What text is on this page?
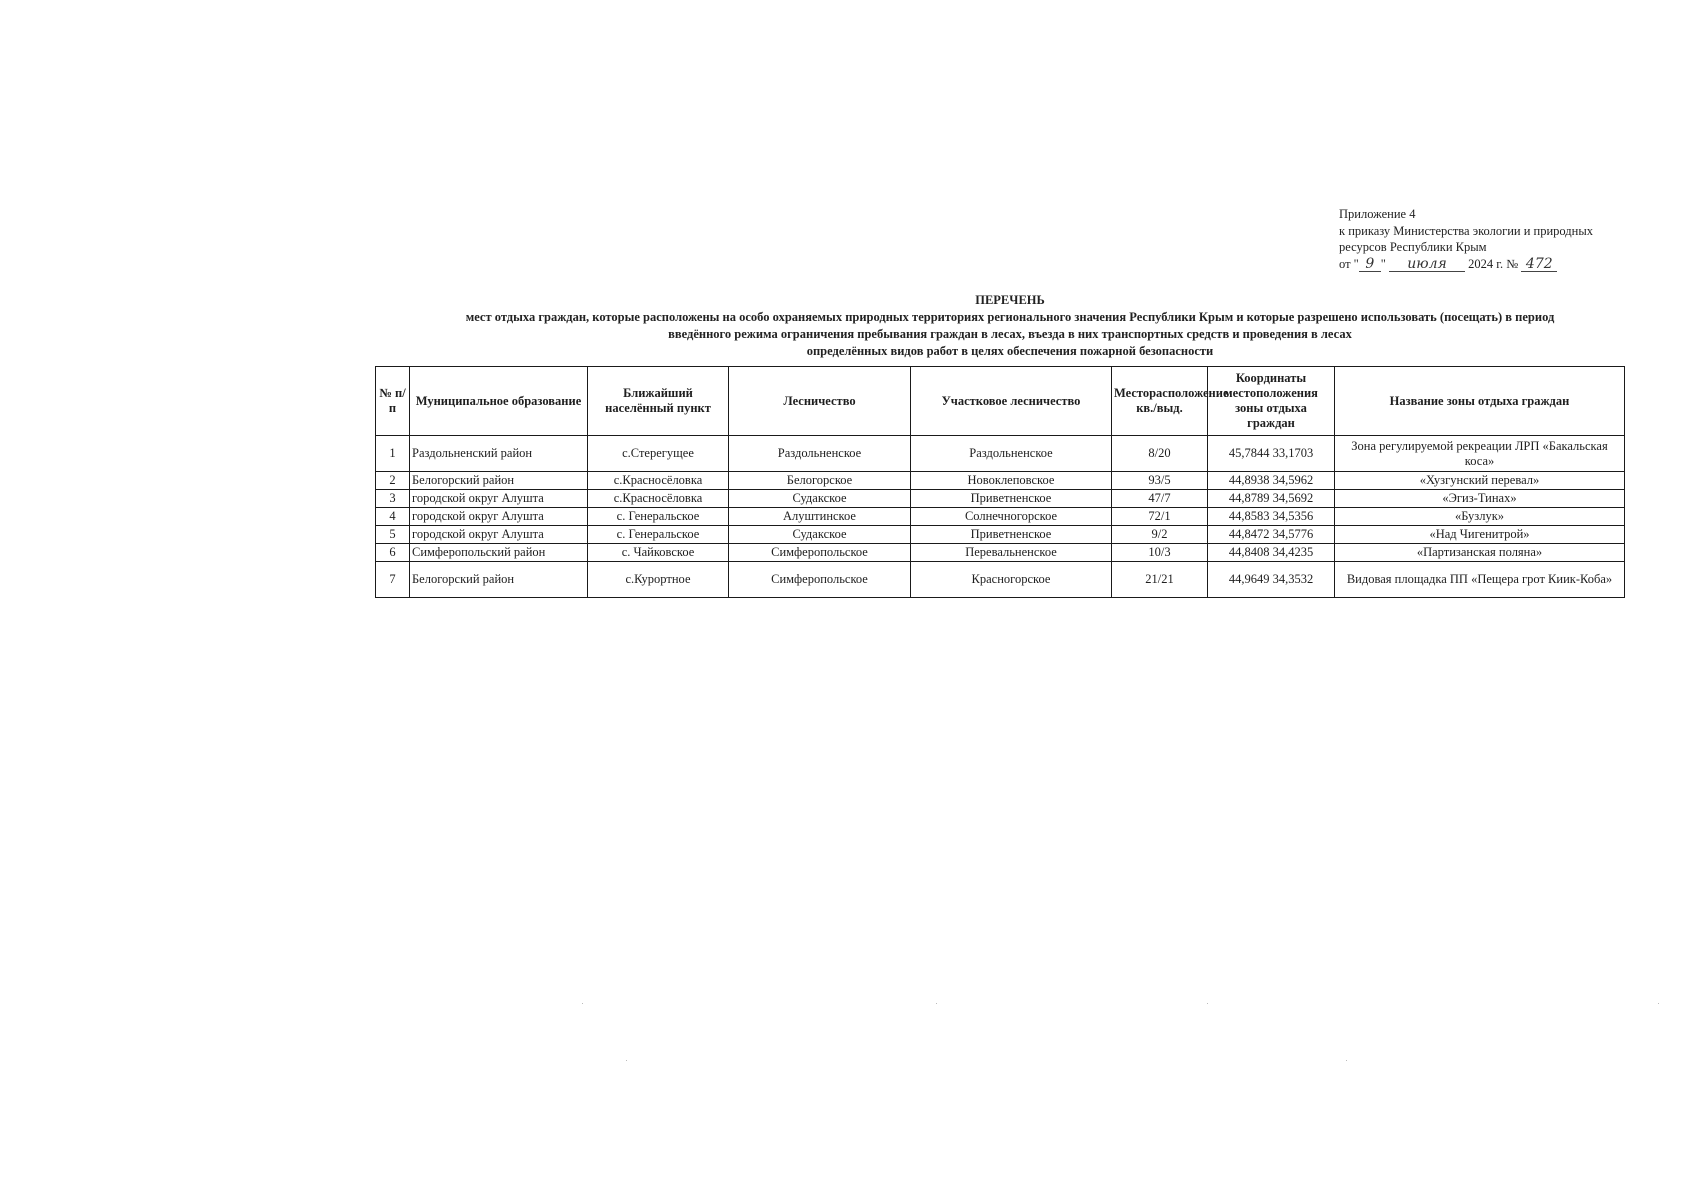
Приложение 4
к приказу Министерства экологии и природных
ресурсов Республики Крым
от " 9 " июля 2024 г. № 472
ПЕРЕЧЕНЬ
мест отдыха граждан, которые расположены на особо охраняемых природных территориях регионального значения Республики Крым и которые разрешено использовать (посещать) в период
введённого режима ограничения пребывания граждан в лесах, въезда в них транспортных средств и проведения в лесах
определённых видов работ в целях обеспечения пожарной безопасности
№ п/п	Муниципальное образование	Ближайший населённый пункт	Лесничество	Участковое лесничество	Месторасположение кв./выд.	Координаты местоположения зоны отдыха граждан	Название зоны отдыха граждан
1	Раздольненский район	с.Стерегущее	Раздольненское	Раздольненское	8/20	45,7844 33,1703	Зона регулируемой рекреации ЛРП «Бакальская коса»
2	Белогорский район	с.Красносёловка	Белогорское	Новоклеповское	93/5	44,8938 34,5962	«Хузгунский перевал»
3	городской округ Алушта	с.Красносёловка	Судакское	Приветненское	47/7	44,8789 34,5692	«Эгиз-Тинах»
4	городской округ Алушта	с. Генеральское	Алуштинское	Солнечногорское	72/1	44,8583 34,5356	«Бузлук»
5	городской округ Алушта	с. Генеральское	Судакское	Приветненское	9/2	44,8472 34,5776	«Над Чигенитрой»
6	Симферопольский район	с. Чайковское	Симферопольское	Перевальненское	10/3	44,8408 34,4235	«Партизанская поляна»
7	Белогорский район	с.Курортное	Симферопольское	Красногорское	21/21	44,9649 34,3532	Видовая площадка ПП «Пещера грот Киик-Коба»
